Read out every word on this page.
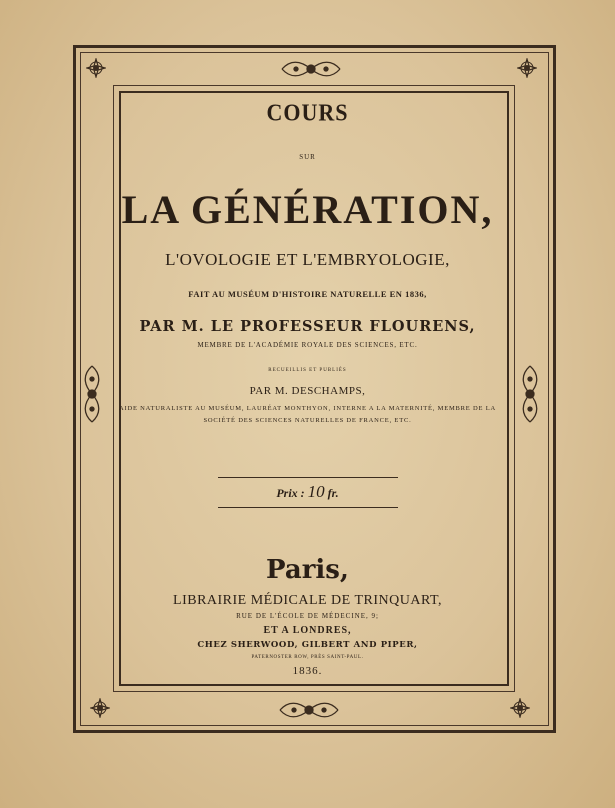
COURS
SUR
LA GÉNÉRATION,
L'OVOLOGIE ET L'EMBRYOLOGIE,
FAIT AU MUSÉUM D'HISTOIRE NATURELLE EN 1836,
PAR M. LE PROFESSEUR FLOURENS,
MEMBRE DE L'ACADÉMIE ROYALE DES SCIENCES, ETC.
RECUEILLIS ET PUBLIÉS
PAR M. DESCHAMPS,
AIDE NATURALISTE AU MUSÉUM, LAURÉAT MONTHYON, INTERNE A LA MATERNITÉ, MEMBRE DE LA
SOCIÉTÉ DES SCIENCES NATURELLES DE FRANCE, ETC.
Prix : 10 fr.
Paris,
LIBRAIRIE MÉDICALE DE TRINQUART,
RUE DE L'ÉCOLE DE MÉDECINE, 9;
ET A LONDRES,
CHEZ SHERWOOD, GILBERT AND PIPER,
PATERNOSTER ROW, PRÈS SAINT-PAUL.
1836.
